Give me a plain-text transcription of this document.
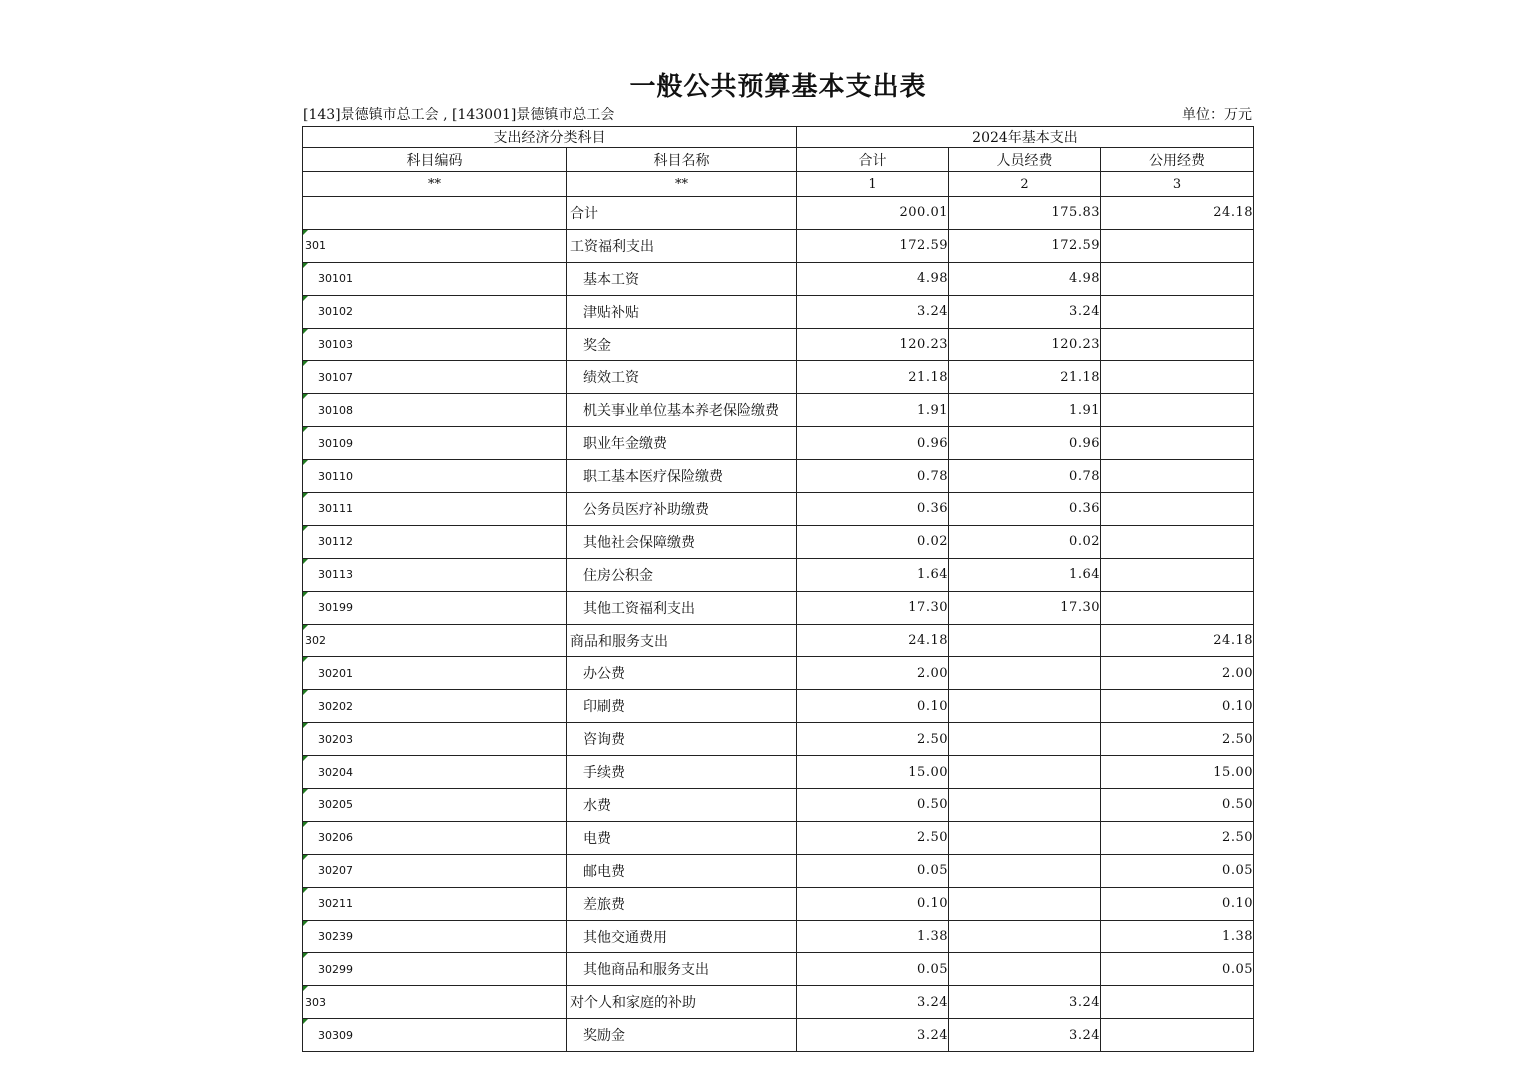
一般公共预算基本支出表
[143]景德镇市总工会 , [143001]景德镇市总工会	单位：万元
支出经济分类科目		2024年基本支出		
科目编码	科目名称	合计	人员经费	公用经费
**	**	1	2	3
	合计	200.01	175.83	24.18

301	工资福利支出	172.59	172.59	

30101	基本工资	4.98	4.98	

30102	津贴补贴	3.24	3.24	

30103	奖金	120.23	120.23	

30107	绩效工资	21.18	21.18	

30108	机关事业单位基本养老保险缴费	1.91	1.91	

30109	职业年金缴费	0.96	0.96	

30110	职工基本医疗保险缴费	0.78	0.78	

30111	公务员医疗补助缴费	0.36	0.36	

30112	其他社会保障缴费	0.02	0.02	

30113	住房公积金	1.64	1.64	

30199	其他工资福利支出	17.30	17.30	

302	商品和服务支出	24.18		24.18

30201	办公费	2.00		2.00

30202	印刷费	0.10		0.10

30203	咨询费	2.50		2.50

30204	手续费	15.00		15.00

30205	水费	0.50		0.50

30206	电费	2.50		2.50

30207	邮电费	0.05		0.05

30211	差旅费	0.10		0.10

30239	其他交通费用	1.38		1.38

30299	其他商品和服务支出	0.05		0.05

303	对个人和家庭的补助	3.24	3.24	

30309	奖励金	3.24	3.24	
